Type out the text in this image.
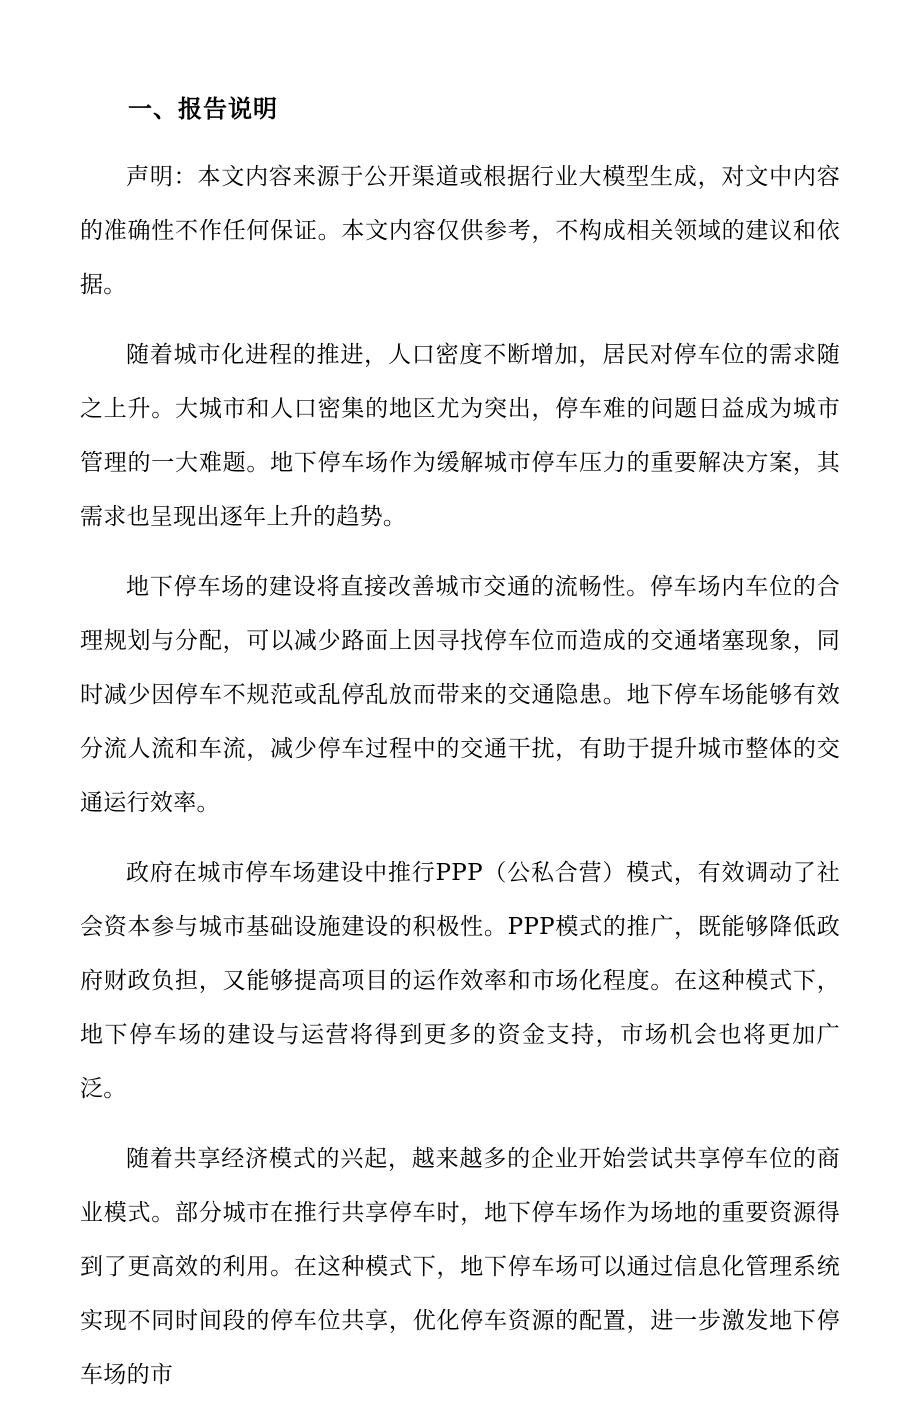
一、报告说明

声明：本文内容来源于公开渠道或根据行业大模型生成，对文中内容的准确性不作任何保证。本文内容仅供参考，不构成相关领域的建议和依据。

随着城市化进程的推进，人口密度不断增加，居民对停车位的需求随之上升。大城市和人口密集的地区尤为突出，停车难的问题日益成为城市管理的一大难题。地下停车场作为缓解城市停车压力的重要解决方案，其需求也呈现出逐年上升的趋势。

地下停车场的建设将直接改善城市交通的流畅性。停车场内车位的合理规划与分配，可以减少路面上因寻找停车位而造成的交通堵塞现象，同时减少因停车不规范或乱停乱放而带来的交通隐患。地下停车场能够有效分流人流和车流，减少停车过程中的交通干扰，有助于提升城市整体的交通运行效率。

政府在城市停车场建设中推行PPP（公私合营）模式，有效调动了社会资本参与城市基础设施建设的积极性。PPP模式的推广，既能够降低政府财政负担，又能够提高项目的运作效率和市场化程度。在这种模式下，地下停车场的建设与运营将得到更多的资金支持，市场机会也将更加广泛。

随着共享经济模式的兴起，越来越多的企业开始尝试共享停车位的商业模式。部分城市在推行共享停车时，地下停车场作为场地的重要资源得到了更高效的利用。在这种模式下，地下停车场可以通过信息化管理系统实现不同时间段的停车位共享，优化停车资源的配置，进一步激发地下停车场的市
